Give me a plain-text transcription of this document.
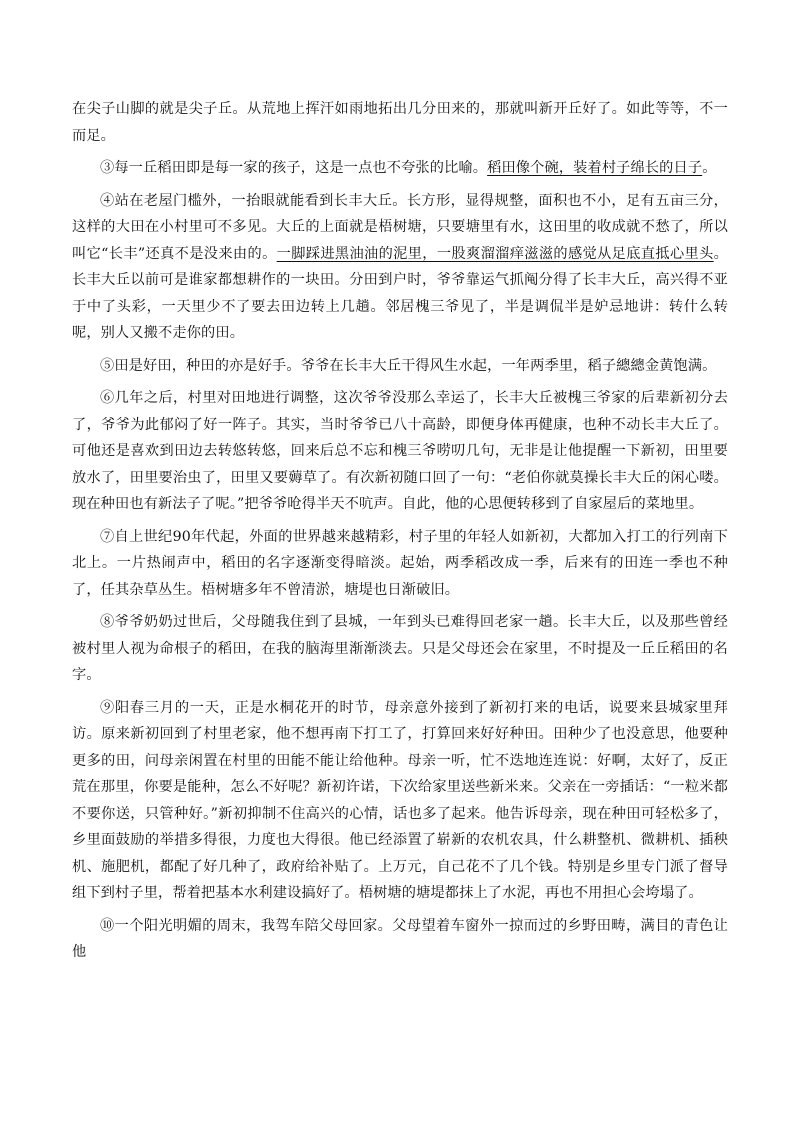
在尖子山脚的就是尖子丘。从荒地上挥汗如雨地拓出几分田来的，那就叫新开丘好了。如此等等，不一而足。

③每一丘稻田即是每一家的孩子，这是一点也不夸张的比喻。稻田像个碗，装着村子绵长的日子。

④站在老屋门槛外，一抬眼就能看到长丰大丘。长方形，显得规整，面积也不小，足有五亩三分，这样的大田在小村里可不多见。大丘的上面就是梧树塘，只要塘里有水，这田里的收成就不愁了，所以叫它“长丰”还真不是没来由的。一脚踩进黑油油的泥里，一股爽溜溜痒滋滋的感觉从足底直抵心里头。长丰大丘以前可是谁家都想耕作的一块田。分田到户时，爷爷靠运气抓阄分得了长丰大丘，高兴得不亚于中了头彩，一天里少不了要去田边转上几趟。邻居槐三爷见了，半是调侃半是妒忌地讲：转什么转呢，别人又搬不走你的田。

⑤田是好田，种田的亦是好手。爷爷在长丰大丘干得风生水起，一年两季里，稻子總總金黄饱满。

⑥几年之后，村里对田地进行调整，这次爷爷没那么幸运了，长丰大丘被槐三爷家的后辈新初分去了，爷爷为此郁闷了好一阵子。其实，当时爷爷已八十高龄，即便身体再健康，也种不动长丰大丘了。可他还是喜欢到田边去转悠转悠，回来后总不忘和槐三爷唠叨几句，无非是让他提醒一下新初，田里要放水了，田里要治虫了，田里又要薅草了。有次新初随口回了一句：“老伯你就莫操长丰大丘的闲心喽。现在种田也有新法子了呢。”把爷爷呛得半天不吭声。自此，他的心思便转移到了自家屋后的菜地里。

⑦自上世纪90年代起，外面的世界越来越精彩，村子里的年轻人如新初，大都加入打工的行列南下北上。一片热闹声中，稻田的名字逐渐变得暗淡。起始，两季稻改成一季，后来有的田连一季也不种了，任其杂草丛生。梧树塘多年不曾清淤，塘堤也日渐破旧。

⑧爷爷奶奶过世后，父母随我住到了县城，一年到头已难得回老家一趟。长丰大丘，以及那些曾经被村里人视为命根子的稻田，在我的脑海里渐渐淡去。只是父母还会在家里，不时提及一丘丘稻田的名字。

⑨阳春三月的一天，正是水桐花开的时节，母亲意外接到了新初打来的电话，说要来县城家里拜访。原来新初回到了村里老家，他不想再南下打工了，打算回来好好种田。田种少了也没意思，他要种更多的田，问母亲闲置在村里的田能不能让给他种。母亲一听，忙不迭地连连说：好啊，太好了，反正荒在那里，你要是能种，怎么不好呢？新初许诺，下次给家里送些新米来。父亲在一旁插话：“一粒米都不要你送，只管种好。”新初抑制不住高兴的心情，话也多了起来。他告诉母亲，现在种田可轻松多了，乡里面鼓励的举措多得很，力度也大得很。他已经添置了崭新的农机农具，什么耕整机、微耕机、插秧机、施肥机，都配了好几种了，政府给补贴了。上万元，自己花不了几个钱。特别是乡里专门派了督导组下到村子里，帮着把基本水利建设搞好了。梧树塘的塘堤都抹上了水泥，再也不用担心会垮塌了。

⑩一个阳光明媚的周末，我驾车陪父母回家。父母望着车窗外一掠而过的乡野田畴，满目的青色让他
